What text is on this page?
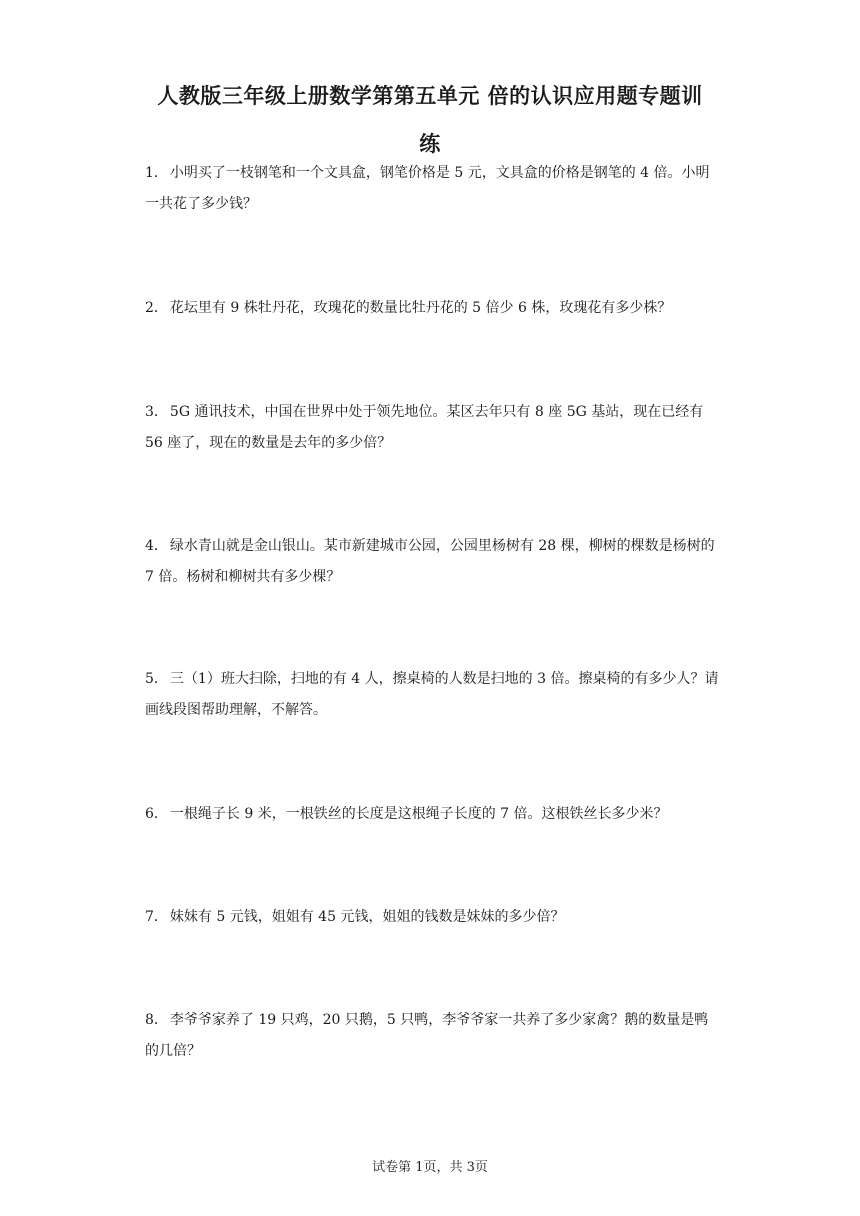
人教版三年级上册数学第第五单元 倍的认识应用题专题训
练

1． 小明买了一枝钢笔和一个文具盒，钢笔价格是 5 元，文具盒的价格是钢笔的 4 倍。小明一共花了多少钱？

2． 花坛里有 9 株牡丹花，玫瑰花的数量比牡丹花的 5 倍少 6 株，玫瑰花有多少株？

3． 5G 通讯技术，中国在世界中处于领先地位。某区去年只有 8 座 5G 基站，现在已经有 56 座了，现在的数量是去年的多少倍？

4． 绿水青山就是金山银山。某市新建城市公园，公园里杨树有 28 棵，柳树的棵数是杨树的 7 倍。杨树和柳树共有多少棵？

5． 三（1）班大扫除，扫地的有 4 人，擦桌椅的人数是扫地的 3 倍。擦桌椅的有多少人？请画线段图帮助理解，不解答。

6． 一根绳子长 9 米，一根铁丝的长度是这根绳子长度的 7 倍。这根铁丝长多少米？

7． 妹妹有 5 元钱，姐姐有 45 元钱，姐姐的钱数是妹妹的多少倍？

8． 李爷爷家养了 19 只鸡，20 只鹅，5 只鸭，李爷爷家一共养了多少家禽？鹅的数量是鸭的几倍？

试卷第 1页，共 3页
